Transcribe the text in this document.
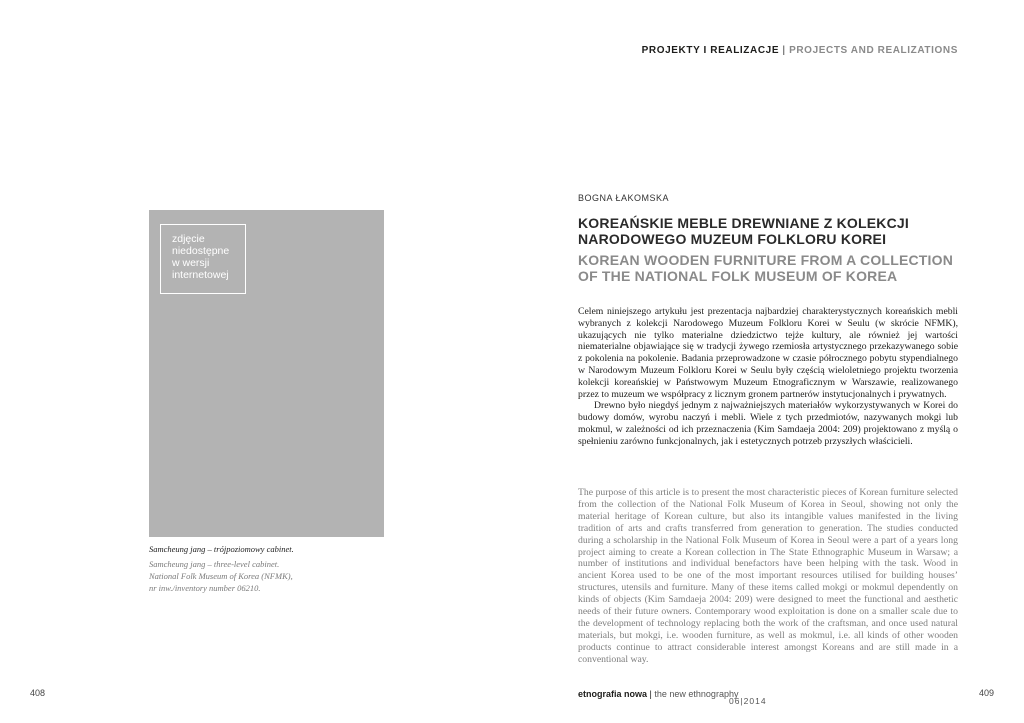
PROJEKTY I REALIZACJE | PROJECTS AND REALIZATIONS
zdjęcie
niedostępne
w wersji
internetowej
Samcheung jang – trójpoziomowy cabinet.
Samcheung jang – three-level cabinet.
National Folk Museum of Korea (NFMK),
nr inw./inventory number 06210.
BOGNA ŁAKOMSKA
KOREAŃSKIE MEBLE DREWNIANE Z KOLEKCJI NARODOWEGO MUZEUM FOLKLORU KOREI
KOREAN WOODEN FURNITURE FROM A COLLECTION OF THE NATIONAL FOLK MUSEUM OF KOREA

Celem niniejszego artykułu jest prezentacja najbardziej charakterystycznych koreańskich mebli wybranych z kolekcji Narodowego Muzeum Folkloru Korei w Seulu (w skrócie NFMK), ukazujących nie tylko materialne dziedzictwo tejże kultury, ale również jej wartości niematerialne objawiające się w tradycji żywego rzemiosła artystycznego przekazywanego sobie z pokolenia na pokolenie. Badania przeprowadzone w czasie półrocznego pobytu stypendialnego w Narodowym Muzeum Folkloru Korei w Seulu były częścią wieloletniego projektu tworzenia kolekcji koreańskiej w Państwowym Muzeum Etnograficznym w Warszawie, realizowanego przez to muzeum we współpracy z licznym gronem partnerów instytucjonalnych i prywatnych.

Drewno było niegdyś jednym z najważniejszych materiałów wykorzystywanych w Korei do budowy domów, wyrobu naczyń i mebli. Wiele z tych przedmiotów, nazywanych mokgi lub mokmul, w zależności od ich przeznaczenia (Kim Samdaeja 2004: 209) projektowano z myślą o spełnieniu zarówno funkcjonalnych, jak i estetycznych potrzeb przyszłych właścicieli.

The purpose of this article is to present the most characteristic pieces of Korean furniture selected from the collection of the National Folk Museum of Korea in Seoul, showing not only the material heritage of Korean culture, but also its intangible values manifested in the living tradition of arts and crafts transferred from generation to generation. The studies conducted during a scholarship in the National Folk Museum of Korea in Seoul were a part of a years long project aiming to create a Korean collection in The State Ethnographic Museum in Warsaw; a number of institutions and individual benefactors have been helping with the task. Wood in ancient Korea used to be one of the most important resources utilised for building houses’ structures, utensils and furniture. Many of these items called mokgi or mokmul dependently on kinds of objects (Kim Samdaeja 2004: 209) were designed to meet the functional and aesthetic needs of their future owners. Contemporary wood exploitation is done on a smaller scale due to the development of technology replacing both the work of the craftsman, and once used natural materials, but mokgi, i.e. wooden furniture, as well as mokmul, i.e. all kinds of other wooden products continue to attract considerable interest amongst Koreans and are still made in a conventional way.

408	409
etnografia nowa | the new ethnography
06|2014
